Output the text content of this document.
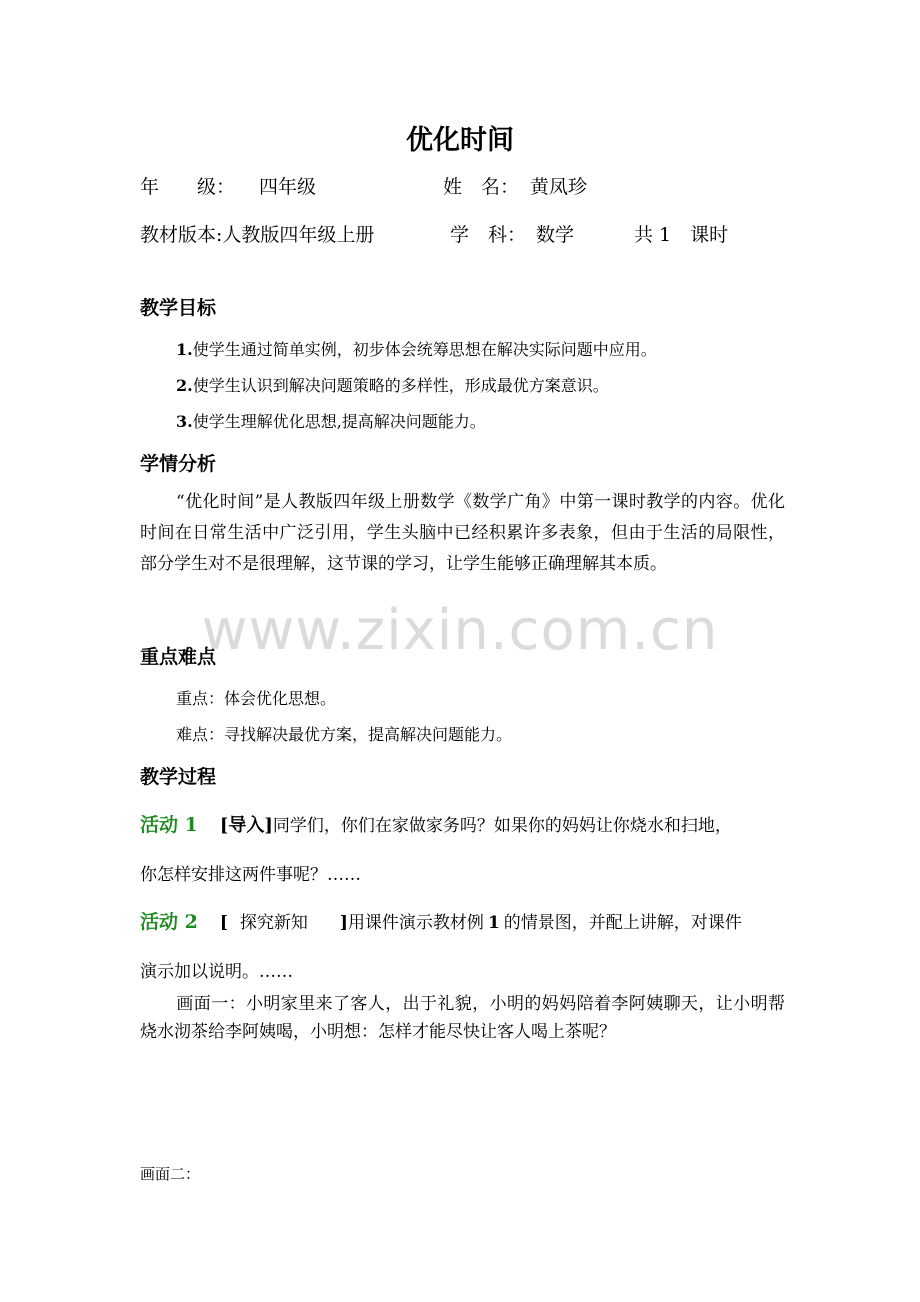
优化时间
年　　级： 四年级	姓　名： 黄凤珍
教材版本:人教版四年级上册	学　科： 数学	共 1　课时
教学目标
1.使学生通过简单实例，初步体会统筹思想在解决实际问题中应用。
2.使学生认识到解决问题策略的多样性，形成最优方案意识。
3.使学生理解优化思想,提高解决问题能力。
学情分析
“优化时间”是人教版四年级上册数学《数学广角》中第一课时教学的内容。优化时间在日常生活中广泛引用，学生头脑中已经积累许多表象，但由于生活的局限性，部分学生对不是很理解，这节课的学习，让学生能够正确理解其本质。
重点难点
重点：体会优化思想。
难点：寻找解决最优方案，提高解决问题能力。
教学过程
活动 1 [导入]同学们，你们在家做家务吗？如果你的妈妈让你烧水和扫地，
你怎样安排这两件事呢？……
活动 2 [ 探究新知 ]用课件演示教材例 1 的情景图，并配上讲解，对课件
演示加以说明。……
画面一：小明家里来了客人，出于礼貌，小明的妈妈陪着李阿姨聊天，让小明帮烧水沏茶给李阿姨喝，小明想：怎样才能尽快让客人喝上茶呢？
画面二：
www.zixin.com.cn
